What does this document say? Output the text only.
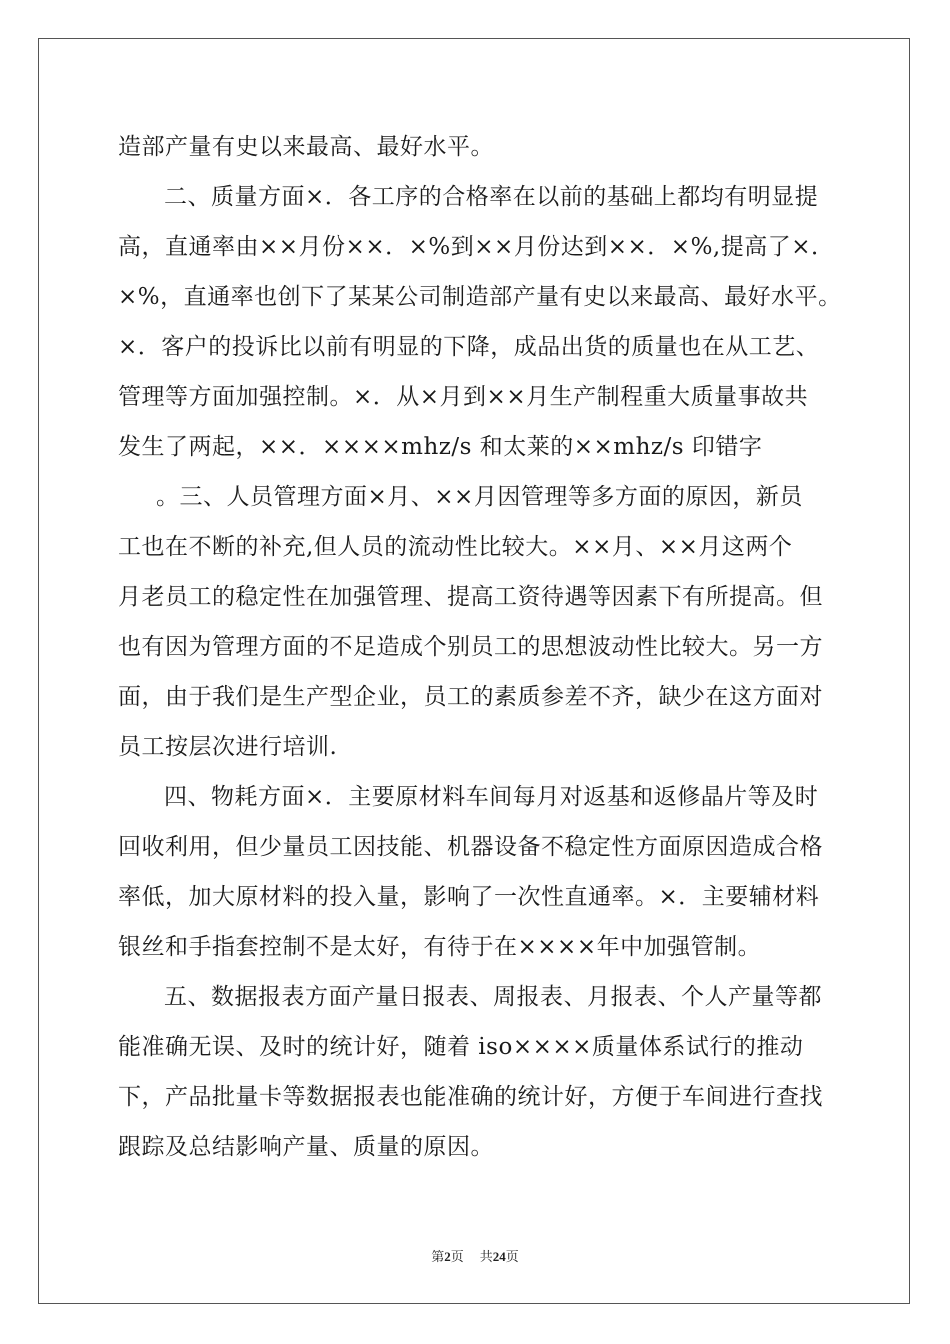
造部产量有史以来最高、最好水平。
二、质量方面×．各工序的合格率在以前的基础上都均有明显提
高，直通率由××月份××．×%到××月份达到××．×%,提高了×．
×%，直通率也创下了某某公司制造部产量有史以来最高、最好水平。
×．客户的投诉比以前有明显的下降，成品出货的质量也在从工艺、
管理等方面加强控制。×．从×月到××月生产制程重大质量事故共
发生了两起，××．××××mhz/s 和太莱的××mhz/s 印错字
。三、人员管理方面×月、××月因管理等多方面的原因，新员
工也在不断的补充,但人员的流动性比较大。××月、××月这两个
月老员工的稳定性在加强管理、提高工资待遇等因素下有所提高。但
也有因为管理方面的不足造成个别员工的思想波动性比较大。另一方
面，由于我们是生产型企业，员工的素质参差不齐，缺少在这方面对
员工按层次进行培训.
四、物耗方面×．主要原材料车间每月对返基和返修晶片等及时
回收利用，但少量员工因技能、机器设备不稳定性方面原因造成合格
率低，加大原材料的投入量，影响了一次性直通率。×．主要辅材料
银丝和手指套控制不是太好，有待于在××××年中加强管制。
五、数据报表方面产量日报表、周报表、月报表、个人产量等都
能准确无误、及时的统计好，随着 iso××××质量体系试行的推动
下，产品批量卡等数据报表也能准确的统计好，方便于车间进行查找
跟踪及总结影响产量、质量的原因。
第2页 共24页
